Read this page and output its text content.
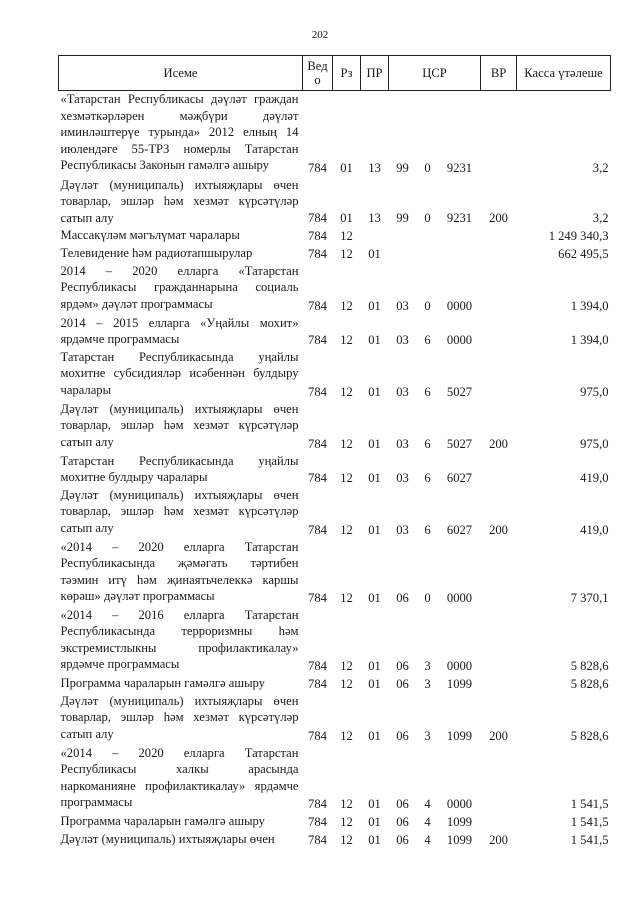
202
Исеме	Ведо	Рз	ПР	ЦСР			ВР	Касса үтәлеше
«Татарстан Республикасы дәүләт граждан хезмәткәрләрен мәҗбүри дәүләт иминләштерүе турында» 2012 елның 14 июлендәге 55-ТРЗ номерлы Татарстан Республикасы Законын гамәлгә ашыру	784	01	13	99	0	9231		3,2
Дәүләт (муниципаль) ихтыяҗлары өчен товарлар, эшләр һәм хезмәт күрсәтүләр сатып алу	784	01	13	99	0	9231	200	3,2
Массакүләм мәгълүмат чаралары	784	12						1 249 340,3
Телевидение һәм радиотапшырулар	784	12	01					662 495,5
2014 – 2020 елларга «Татарстан Республикасы гражданнарына социаль ярдәм» дәүләт программасы	784	12	01	03	0	0000		1 394,0
2014 – 2015 елларга «Уңайлы мохит» ярдәмче программасы	784	12	01	03	6	0000		1 394,0
Татарстан Республикасында уңайлы мохитне субсидияләр исәбеннән булдыру чаралары	784	12	01	03	6	5027		975,0
Дәүләт (муниципаль) ихтыяҗлары өчен товарлар, эшләр һәм хезмәт күрсәтүләр сатып алу	784	12	01	03	6	5027	200	975,0
Татарстан Республикасында уңайлы мохитне булдыру чаралары	784	12	01	03	6	6027		419,0
Дәүләт (муниципаль) ихтыяҗлары өчен товарлар, эшләр һәм хезмәт күрсәтүләр сатып алу	784	12	01	03	6	6027	200	419,0
«2014 – 2020 елларга Татарстан Республикасында җәмәгать тәртибен тәэмин итү һәм җинаятьчелеккә каршы көрәш» дәүләт программасы	784	12	01	06	0	0000		7 370,1
«2014 – 2016 елларга Татарстан Республикасында терроризмны һәм экстремистлыкны профилактикалау» ярдәмче программасы	784	12	01	06	3	0000		5 828,6
Программа чараларын гамәлгә ашыру	784	12	01	06	3	1099		5 828,6
Дәүләт (муниципаль) ихтыяҗлары өчен товарлар, эшләр һәм хезмәт күрсәтүләр сатып алу	784	12	01	06	3	1099	200	5 828,6
«2014 – 2020 елларга Татарстан Республикасы халкы арасында наркоманияне профилактикалау» ярдәмче программасы	784	12	01	06	4	0000		1 541,5
Программа чараларын гамәлгә ашыру	784	12	01	06	4	1099		1 541,5
Дәүләт (муниципаль) ихтыяҗлары өчен	784	12	01	06	4	1099	200	1 541,5
